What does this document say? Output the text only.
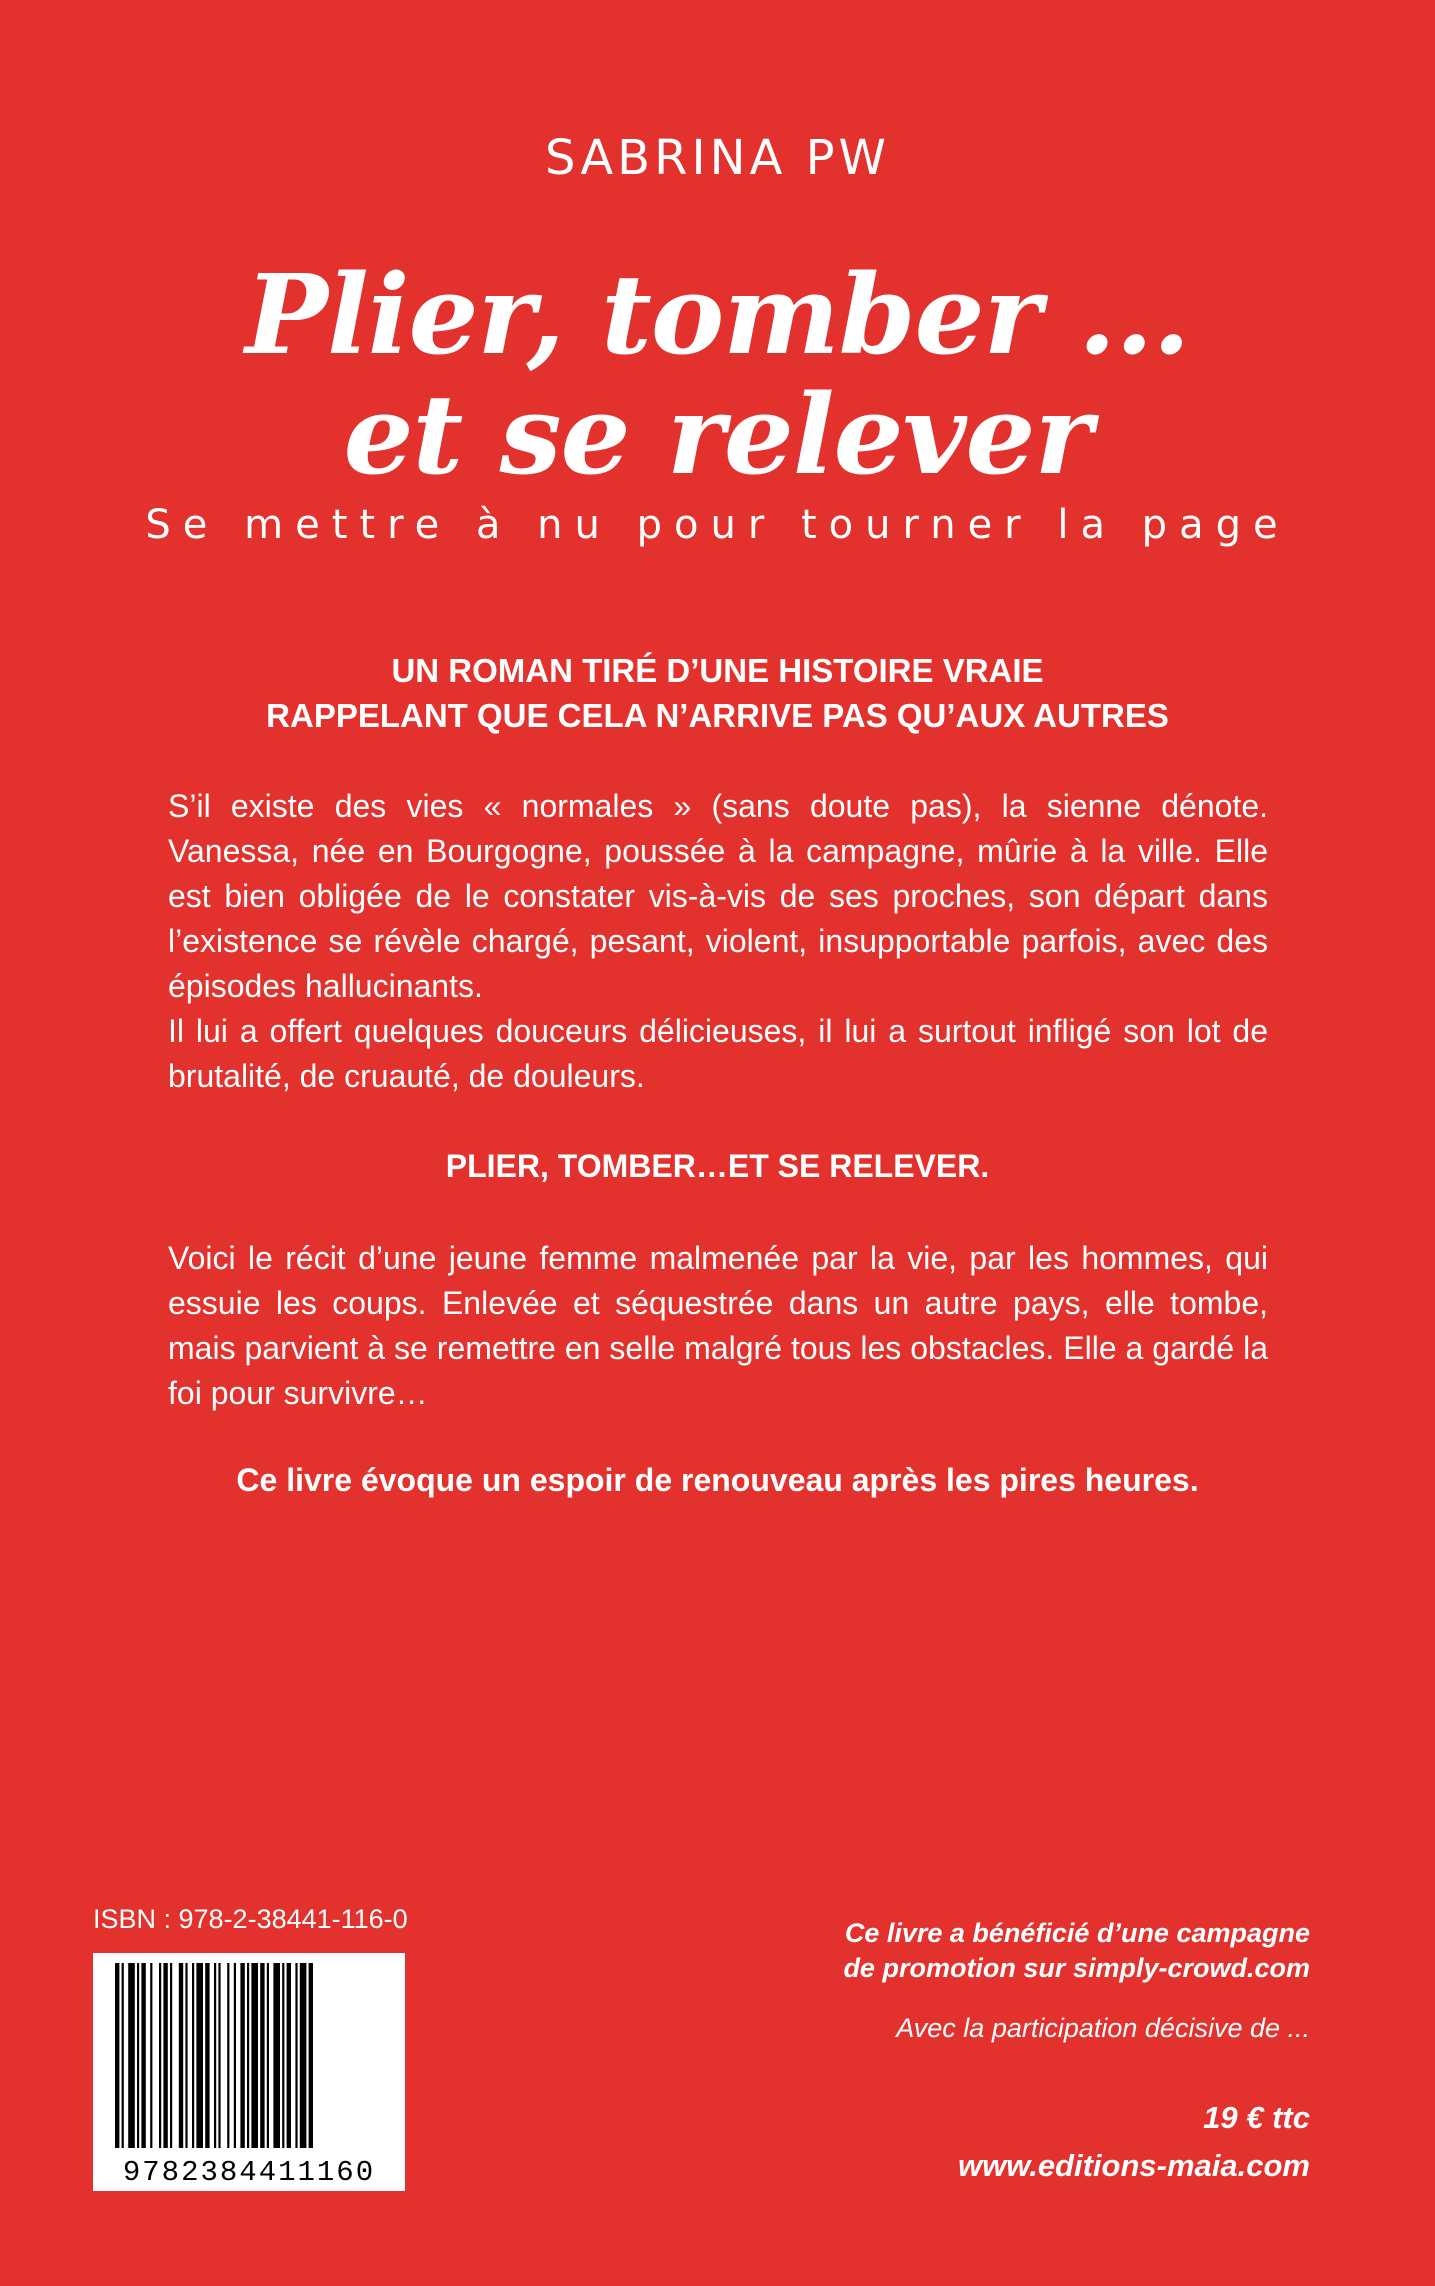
SABRINA PW
Plier, tomber ...
et se relever
Se mettre à nu pour tourner la page
UN ROMAN TIRÉ D’UNE HISTOIRE VRAIE
RAPPELANT QUE CELA N’ARRIVE PAS QU’AUX AUTRES

S’il existe des vies « normales » (sans doute pas), la sienne dénote. Vanessa, née en Bourgogne, poussée à la campagne, mûrie à la ville. Elle est bien obligée de le constater vis-à-vis de ses proches, son départ dans l’existence se révèle chargé, pesant, violent, insupportable parfois, avec des épisodes hallucinants.

Il lui a offert quelques douceurs délicieuses, il lui a surtout infligé son lot de brutalité, de cruauté, de douleurs.

PLIER, TOMBER…ET SE RELEVER.

Voici le récit d’une jeune femme malmenée par la vie, par les hommes, qui essuie les coups. Enlevée et séquestrée dans un autre pays, elle tombe, mais parvient à se remettre en selle malgré tous les obstacles. Elle a gardé la foi pour survivre…

Ce livre évoque un espoir de renouveau après les pires heures.
ISBN : 978-2-38441-116-0
9782384411160
Ce livre a bénéficié d’une campagne
de promotion sur simply-crowd.com
Avec la participation décisive de ...
19 € ttc
www.editions-maia.com
